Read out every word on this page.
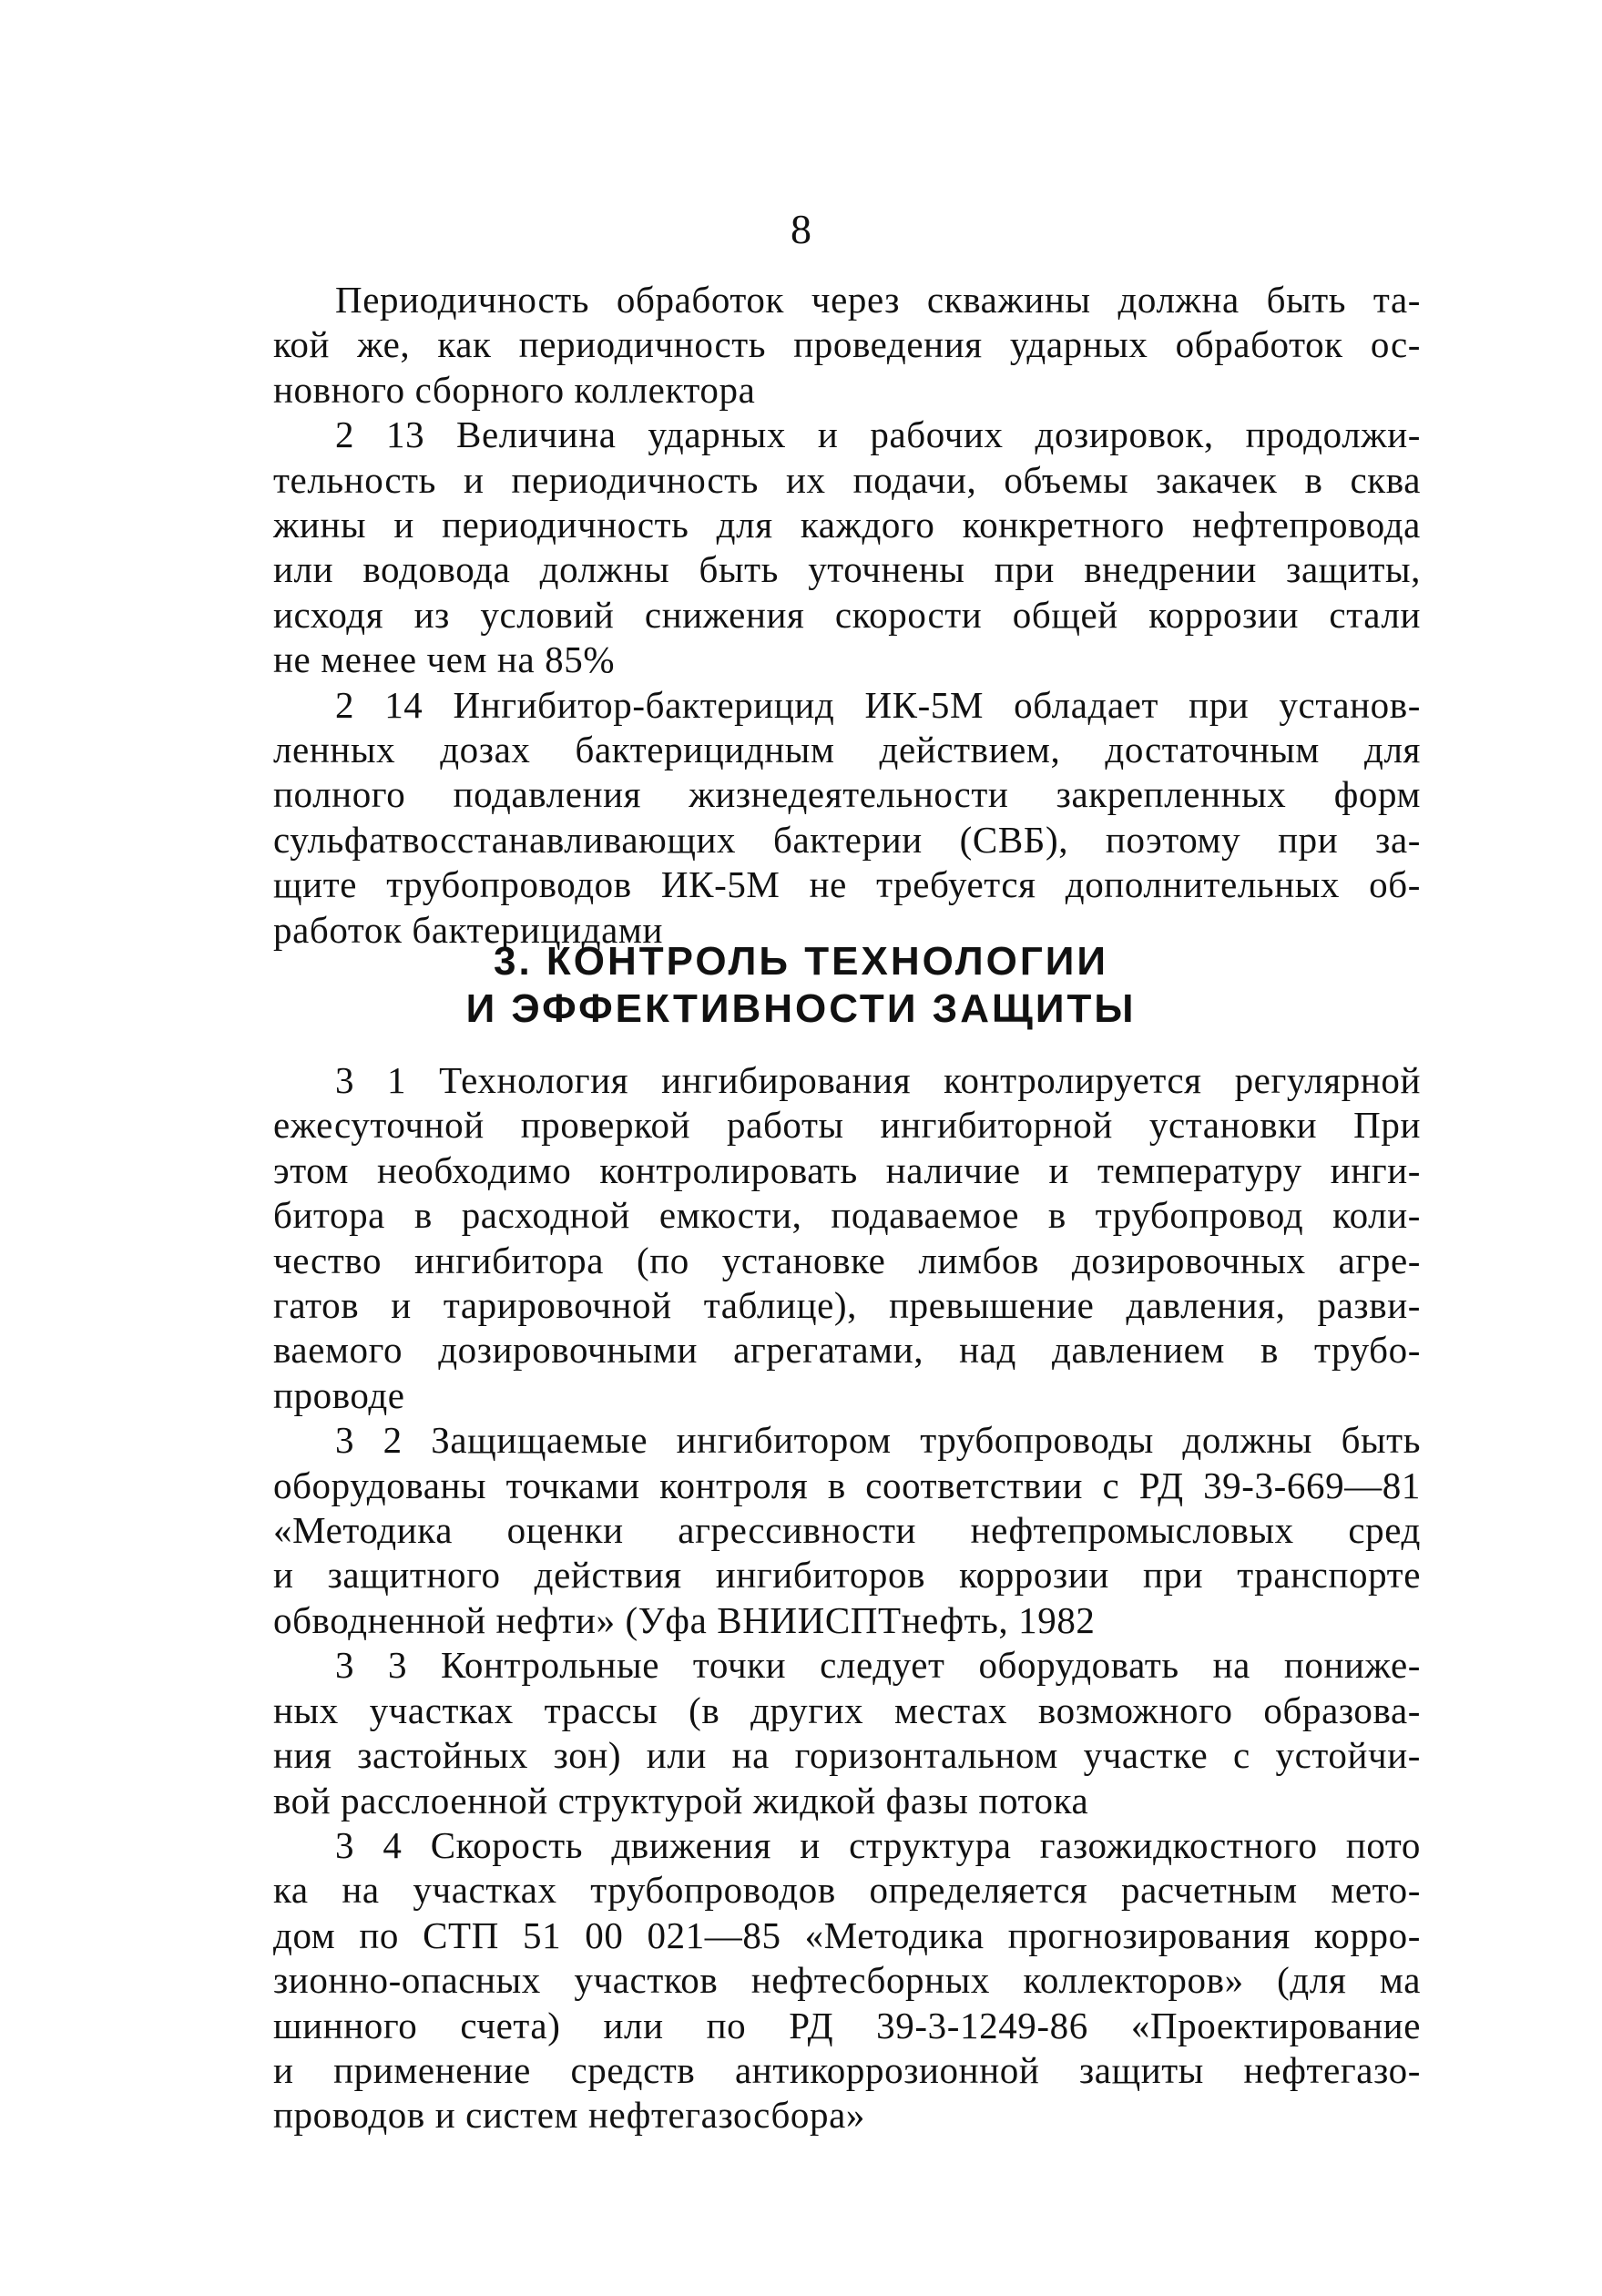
8
Периодичность обработок через скважины должна быть та-
кой же, как периодичность проведения ударных обработок ос-
новного сборного коллектора
2 13 Величина ударных и рабочих дозировок, продолжи-
тельность и периодичность их подачи, объемы закачек в сква
жины и периодичность для каждого конкретного нефтепровода
или водовода должны быть уточнены при внедрении защиты,
исходя из условий снижения скорости общей коррозии стали
не менее чем на 85%
2 14 Ингибитор-бактерицид ИК-5М обладает при установ-
ленных дозах бактерицидным действием, достаточным для
полного подавления жизнедеятельности закрепленных форм
сульфатвосстанавливающих бактерии (СВБ), поэтому при за-
щите трубопроводов ИК-5М не требуется дополнительных об-
работок бактерицидами
3. КОНТРОЛЬ ТЕХНОЛОГИИ
И ЭФФЕКТИВНОСТИ ЗАЩИТЫ
3 1 Технология ингибирования контролируется регулярной
ежесуточной проверкой работы ингибиторной установки При
этом необходимо контролировать наличие и температуру инги-
битора в расходной емкости, подаваемое в трубопровод коли-
чество ингибитора (по установке лимбов дозировочных агре-
гатов и тарировочной таблице), превышение давления, разви-
ваемого дозировочными агрегатами, над давлением в трубо-
проводе
3 2 Защищаемые ингибитором трубопроводы должны быть
оборудованы точками контроля в соответствии с РД 39-3-669—81
«Методика оценки агрессивности нефтепромысловых сред
и защитного действия ингибиторов коррозии при транспорте
обводненной нефти» (Уфа ВНИИСПТнефть, 1982
3 3 Контрольные точки следует оборудовать на пониже-
ных участках трассы (в других местах возможного образова-
ния застойных зон) или на горизонтальном участке с устойчи-
вой расслоенной структурой жидкой фазы потока
3 4 Скорость движения и структура газожидкостного пото
ка на участках трубопроводов определяется расчетным мето-
дом по СТП 51 00 021—85 «Методика прогнозирования корро-
зионно-опасных участков нефтесборных коллекторов» (для ма
шинного счета) или по РД 39-3-1249-86 «Проектирование
и применение средств антикоррозионной защиты нефтегазо-
проводов и систем нефтегазосбора»
